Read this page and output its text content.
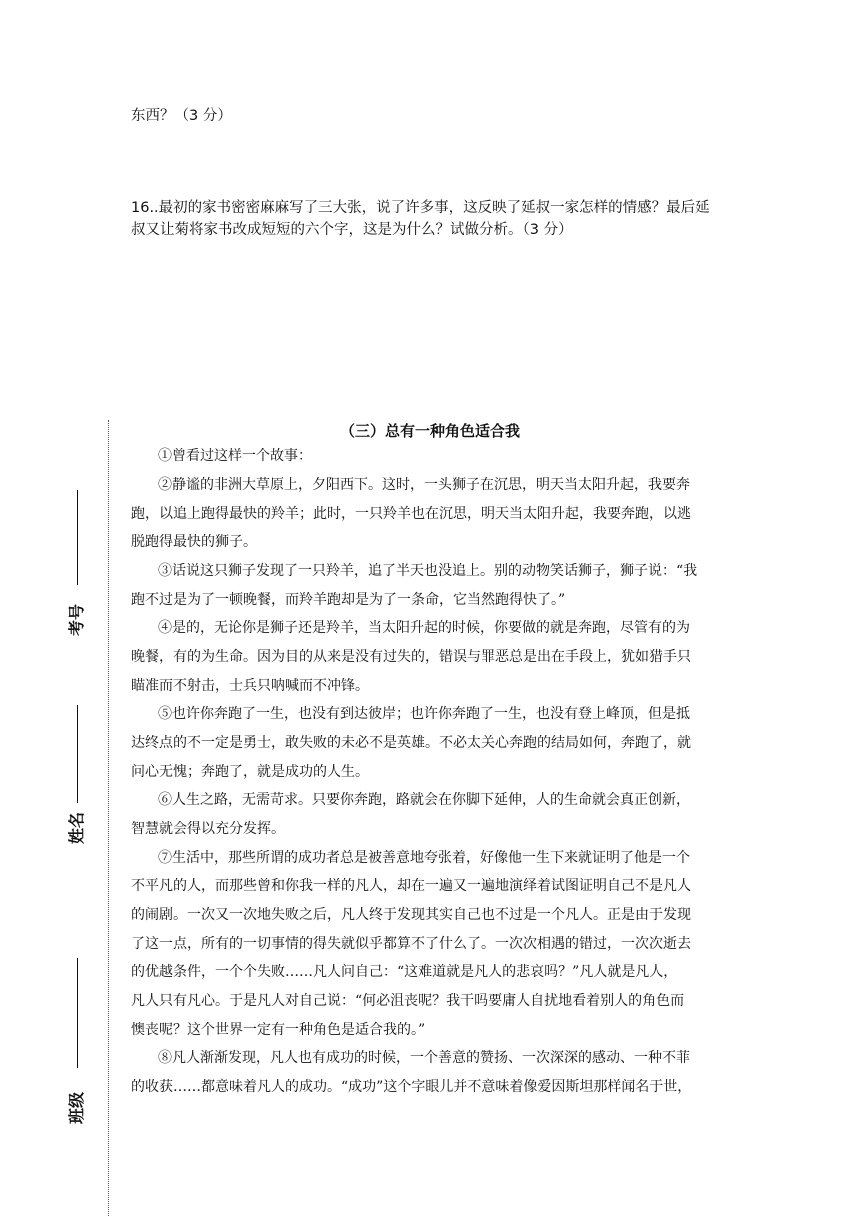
东西？（3 分）
16..最初的家书密密麻麻写了三大张，说了许多事，这反映了延叔一家怎样的情感？最后延
叔又让菊将家书改成短短的六个字，这是为什么？试做分析。（3 分）
考号
姓名
班级
（三）总有一种角色适合我
①曾看过这样一个故事：
②静谧的非洲大草原上，夕阳西下。这时，一头狮子在沉思，明天当太阳升起，我要奔
跑，以追上跑得最快的羚羊；此时，一只羚羊也在沉思，明天当太阳升起，我要奔跑，以逃
脱跑得最快的狮子。
③话说这只狮子发现了一只羚羊，追了半天也没追上。别的动物笑话狮子，狮子说：“我
跑不过是为了一顿晚餐，而羚羊跑却是为了一条命，它当然跑得快了。”
④是的，无论你是狮子还是羚羊，当太阳升起的时候，你要做的就是奔跑，尽管有的为
晚餐，有的为生命。因为目的从来是没有过失的，错误与罪恶总是出在手段上，犹如猎手只
瞄准而不射击，士兵只呐喊而不冲锋。
⑤也许你奔跑了一生，也没有到达彼岸；也许你奔跑了一生，也没有登上峰顶，但是抵
达终点的不一定是勇士，敢失败的未必不是英雄。不必太关心奔跑的结局如何，奔跑了，就
问心无愧；奔跑了，就是成功的人生。
⑥人生之路，无需苛求。只要你奔跑，路就会在你脚下延伸，人的生命就会真正创新，
智慧就会得以充分发挥。
⑦生活中，那些所谓的成功者总是被善意地夸张着，好像他一生下来就证明了他是一个
不平凡的人，而那些曾和你我一样的凡人，却在一遍又一遍地演绎着试图证明自己不是凡人
的闹剧。一次又一次地失败之后，凡人终于发现其实自己也不过是一个凡人。正是由于发现
了这一点，所有的一切事情的得失就似乎都算不了什么了。一次次相遇的错过，一次次逝去
的优越条件，一个个失败……凡人问自己：“这难道就是凡人的悲哀吗？”凡人就是凡人，
凡人只有凡心。于是凡人对自己说：“何必沮丧呢？我干吗要庸人自扰地看着别人的角色而
懊丧呢？这个世界一定有一种角色是适合我的。”
⑧凡人渐渐发现，凡人也有成功的时候，一个善意的赞扬、一次深深的感动、一种不菲
的收获……都意味着凡人的成功。“成功”这个字眼儿并不意味着像爱因斯坦那样闻名于世，
